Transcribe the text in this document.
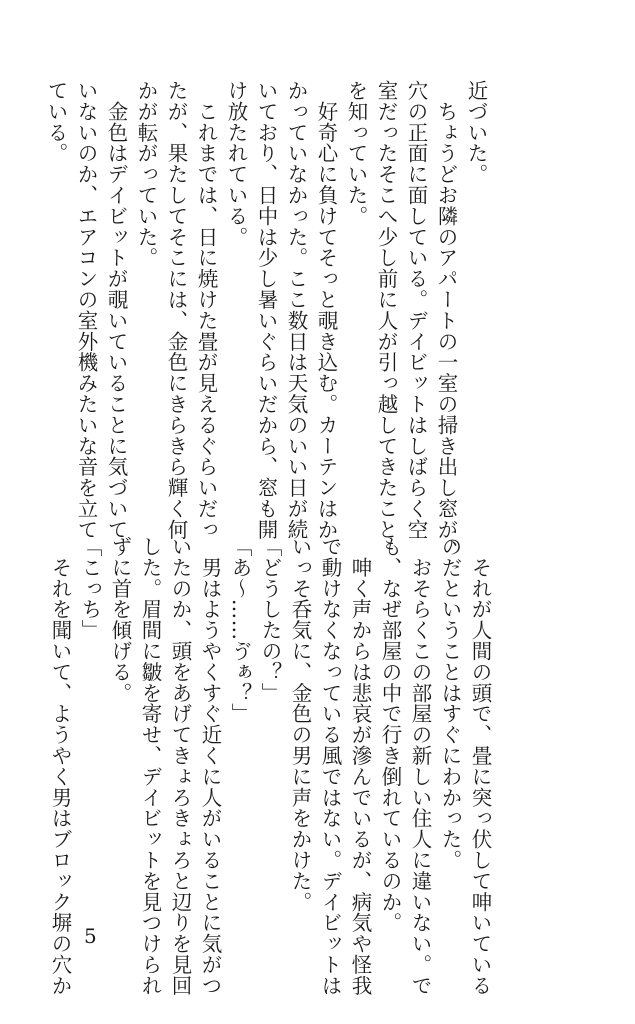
近づいた。
　ちょうどお隣のアパートの一室の掃き出し窓が、
穴の正面に面している。デイビットはしばらく空
室だったそこへ少し前に人が引っ越してきたこと
を知っていた。
　好奇心に負けてそっと覗き込む。カーテンはか
かっていなかった。ここ数日は天気のいい日が続
いており、日中は少し暑いぐらいだから、窓も開
け放たれている。
　これまでは、日に焼けた畳が見えるぐらいだっ
たが、果たしてそこには、金色にきらきら輝く何
かが転がっていた。
　金色はデイビットが覗いていることに気づいて
いないのか、エアコンの室外機みたいな音を立て
ている。
　それが人間の頭で、畳に突っ伏して呻いている
のだということはすぐにわかった。
　おそらくこの部屋の新しい住人に違いない。で
も、なぜ部屋の中で行き倒れているのか。
　呻く声からは悲哀が滲んでいるが、病気や怪我
で動けなくなっている風ではない。デイビットは
いっそ呑気に、金色の男に声をかけた。
「どうしたの？」
「あ〜……ゔぁ？」
　男はようやくすぐ近くに人がいることに気がつ
いたのか、頭をあげてきょろきょろと辺りを見回
した。眉間に皺を寄せ、デイビットを見つけられ
ずに首を傾げる。
「こっち」
　それを聞いて、ようやく男はブロック塀の穴か 5
